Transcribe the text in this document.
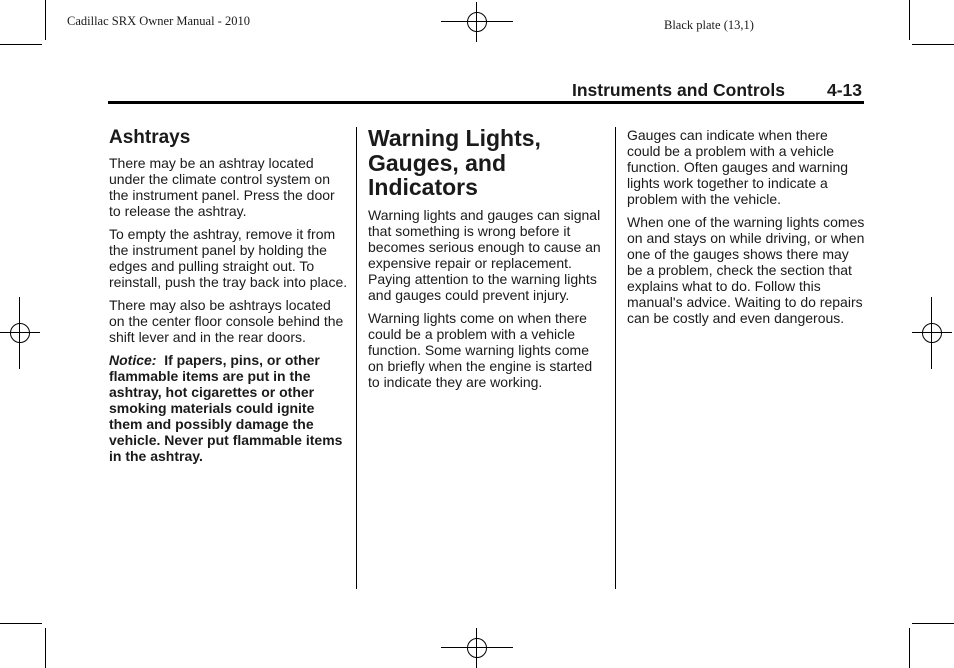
Cadillac SRX Owner Manual - 2010	Black plate (13,1)
Instruments and Controls 4-13
Ashtrays

There may be an ashtray located under the climate control system on the instrument panel. Press the door to release the ashtray.

To empty the ashtray, remove it from the instrument panel by holding the edges and pulling straight out. To reinstall, push the tray back into place.

There may also be ashtrays located on the center floor console behind the shift lever and in the rear doors.

Notice: If papers, pins, or other flammable items are put in the ashtray, hot cigarettes or other smoking materials could ignite them and possibly damage the vehicle. Never put flammable items in the ashtray.

Warning Lights, Gauges, and Indicators

Warning lights and gauges can signal that something is wrong before it becomes serious enough to cause an expensive repair or replacement. Paying attention to the warning lights and gauges could prevent injury.

Warning lights come on when there could be a problem with a vehicle function. Some warning lights come on briefly when the engine is started to indicate they are working.

Gauges can indicate when there could be a problem with a vehicle function. Often gauges and warning lights work together to indicate a problem with the vehicle.

When one of the warning lights comes on and stays on while driving, or when one of the gauges shows there may be a problem, check the section that explains what to do. Follow this manual's advice. Waiting to do repairs can be costly and even dangerous.
